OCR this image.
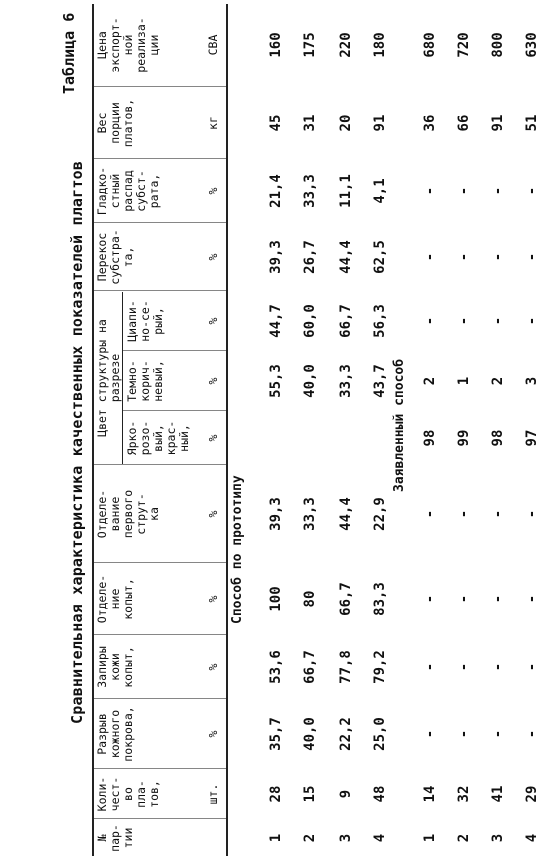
Таблица 6
Сравнительная характеристика качественных показателей плагтов
№
пар-
тии
Коли-
чест-
во
пла-
тов,
Разрыв
кожного
покрова,
Запиры
кожи
копыт,
Отделе-
ние
копыт,
Отделе-
вание
первого
струт-
ка
Цвет структуры на
разрезе
Ярко-
розо-
вый,
крас-
ный,
Темно-
корич-
невый,
Циапи-
но-се-
рый,
Перекос
субстра-
та,
Гладко-
стный
распад
субст-
рата,
Вес
порции
платов,
Цена
экспорт-
ной
реализа-
ции
шт.
%
%
%
%
%
%
%
%
%
кг
СВА
Способ по прототипу
1
28
35,7
53,6
100
39,3
55,3
44,7
39,3
21,4
45
160
2
15
40,0
66,7
80
33,3
40,0
60,0
26,7
33,3
31
175
3
9
22,2
77,8
66,7
44,4
33,3
66,7
44,4
11,1
20
220
4
48
25,0
79,2
83,3
22,9
43,7
56,3
62,5
4,1
91
180
Заявленный способ
1
14
-
-
-
-
98
2
-
-
-
36
680
2
32
-
-
-
-
99
1
-
-
-
66
720
3
41
-
-
-
-
98
2
-
-
-
91
800
4
29
-
-
-
-
97
3
-
-
-
51
630
